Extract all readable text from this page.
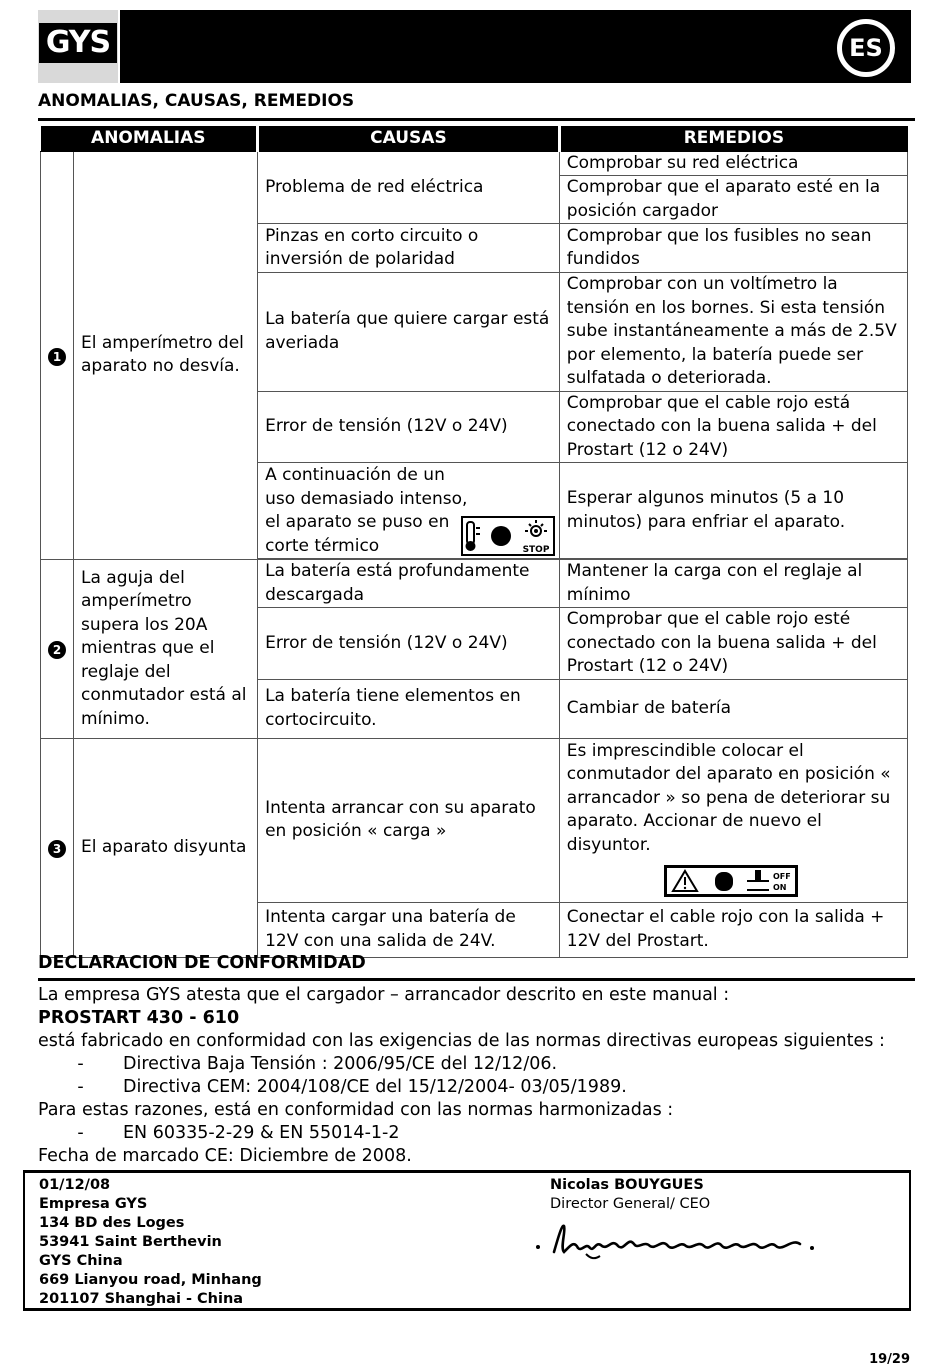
GYS	ES
ANOMALIAS, CAUSAS, REMEDIOS
ANOMALIAS		CAUSAS	REMEDIOS
1	El amperímetro del aparato no desvía.	Problema de red eléctrica	Comprobar su red eléctrica
			Comprobar que el aparato esté en la posición cargador
		Pinzas en corto circuito o inversión de polaridad	Comprobar que los fusibles no sean fundidos
		La batería que quiere cargar está averiada	Comprobar con un voltímetro la tensión en los bornes. Si esta tensión sube instantáneamente a más de 2.5V por elemento, la batería puede ser sulfatada o deteriorada.
		Error de tensión (12V o 24V)	Comprobar que el cable rojo está conectado con la buena salida + del Prostart (12 o 24V)

		A continuación de un uso demasiado intenso, el aparato se puso en corte térmico STOP	Esperar algunos minutos (5 a 10 minutos) para enfriar el aparato.

2	La aguja del amperímetro supera los 20A mientras que el reglaje del conmutador está al mínimo.	La batería está profundamente descargada	Mantener la carga con el reglaje al mínimo
		Error de tensión (12V o 24V)	Comprobar que el cable rojo esté conectado con la buena salida + del Prostart (12 o 24V)
		La batería tiene elementos en cortocircuito.	Cambiar de batería
3	El aparato disyunta	Intenta arrancar con su aparato en posición « carga »	Es imprescindible colocar el conmutador del aparato en posición « arrancador » so pena de deteriorar su aparato. Accionar de nuevo el disyuntor.
OFF
ON

		Intenta cargar una batería de 12V con una salida de 24V.	Conectar el cable rojo con la salida + 12V del Prostart.
DECLARACION DE CONFORMIDAD
La empresa GYS atesta que el cargador – arrancador descrito en este manual :
PROSTART 430 - 610
está fabricado en conformidad con las exigencias de las normas directivas europeas siguientes :
- Directiva Baja Tensión : 2006/95/CE del 12/12/06.
- Directiva CEM: 2004/108/CE del 15/12/2004- 03/05/1989.
Para estas razones, está en conformidad con las normas harmonizadas :
- EN 60335-2-29 & EN 55014-1-2
Fecha de marcado CE: Diciembre de 2008.
01/12/08
Empresa GYS
134 BD des Loges
53941 Saint Berthevin
GYS China
669 Lianyou road, Minhang
201107 Shanghai - China
Nicolas BOUYGUES
Director General/ CEO
19/29
